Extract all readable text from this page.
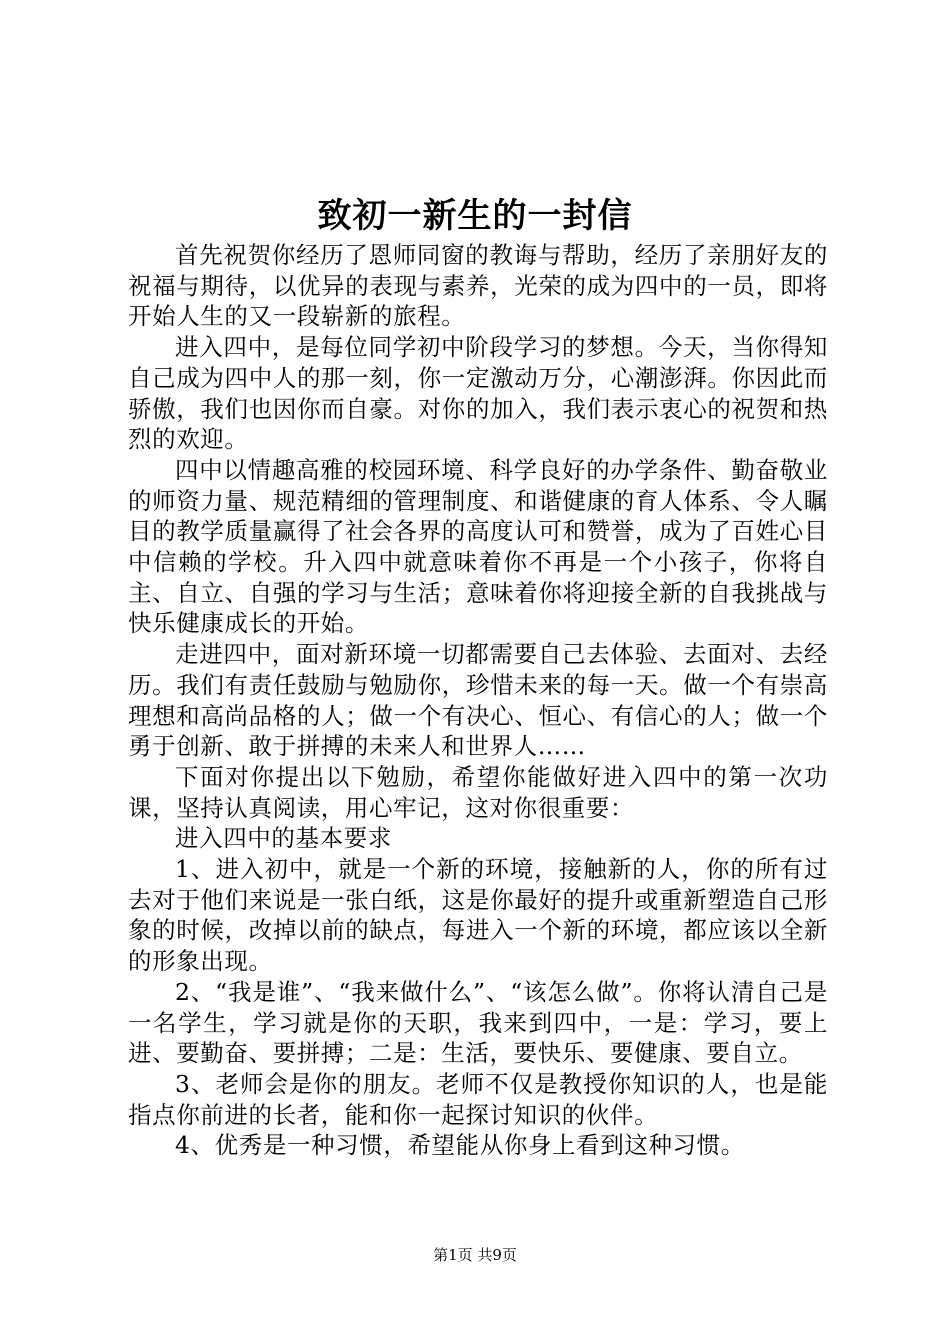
致初一新生的一封信

首先祝贺你经历了恩师同窗的教诲与帮助，经历了亲朋好友的祝福与期待，以优异的表现与素养，光荣的成为四中的一员，即将开始人生的又一段崭新的旅程。

进入四中，是每位同学初中阶段学习的梦想。今天，当你得知自己成为四中人的那一刻，你一定激动万分，心潮澎湃。你因此而骄傲，我们也因你而自豪。对你的加入，我们表示衷心的祝贺和热烈的欢迎。

四中以情趣高雅的校园环境、科学良好的办学条件、勤奋敬业的师资力量、规范精细的管理制度、和谐健康的育人体系、令人瞩目的教学质量赢得了社会各界的高度认可和赞誉，成为了百姓心目中信赖的学校。升入四中就意味着你不再是一个小孩子，你将自主、自立、自强的学习与生活；意味着你将迎接全新的自我挑战与快乐健康成长的开始。

走进四中，面对新环境一切都需要自己去体验、去面对、去经历。我们有责任鼓励与勉励你，珍惜未来的每一天。做一个有崇高理想和高尚品格的人；做一个有决心、恒心、有信心的人；做一个勇于创新、敢于拼搏的未来人和世界人……

下面对你提出以下勉励，希望你能做好进入四中的第一次功课，坚持认真阅读，用心牢记，这对你很重要：

进入四中的基本要求

1、进入初中，就是一个新的环境，接触新的人，你的所有过去对于他们来说是一张白纸，这是你最好的提升或重新塑造自己形象的时候，改掉以前的缺点，每进入一个新的环境，都应该以全新的形象出现。

2、“我是谁”、“我来做什么”、“该怎么做”。你将认清自己是一名学生，学习就是你的天职，我来到四中，一是：学习，要上进、要勤奋、要拼搏；二是：生活，要快乐、要健康、要自立。

3、老师会是你的朋友。老师不仅是教授你知识的人，也是能指点你前进的长者，能和你一起探讨知识的伙伴。

4、优秀是一种习惯，希望能从你身上看到这种习惯。

第1页 共9页
